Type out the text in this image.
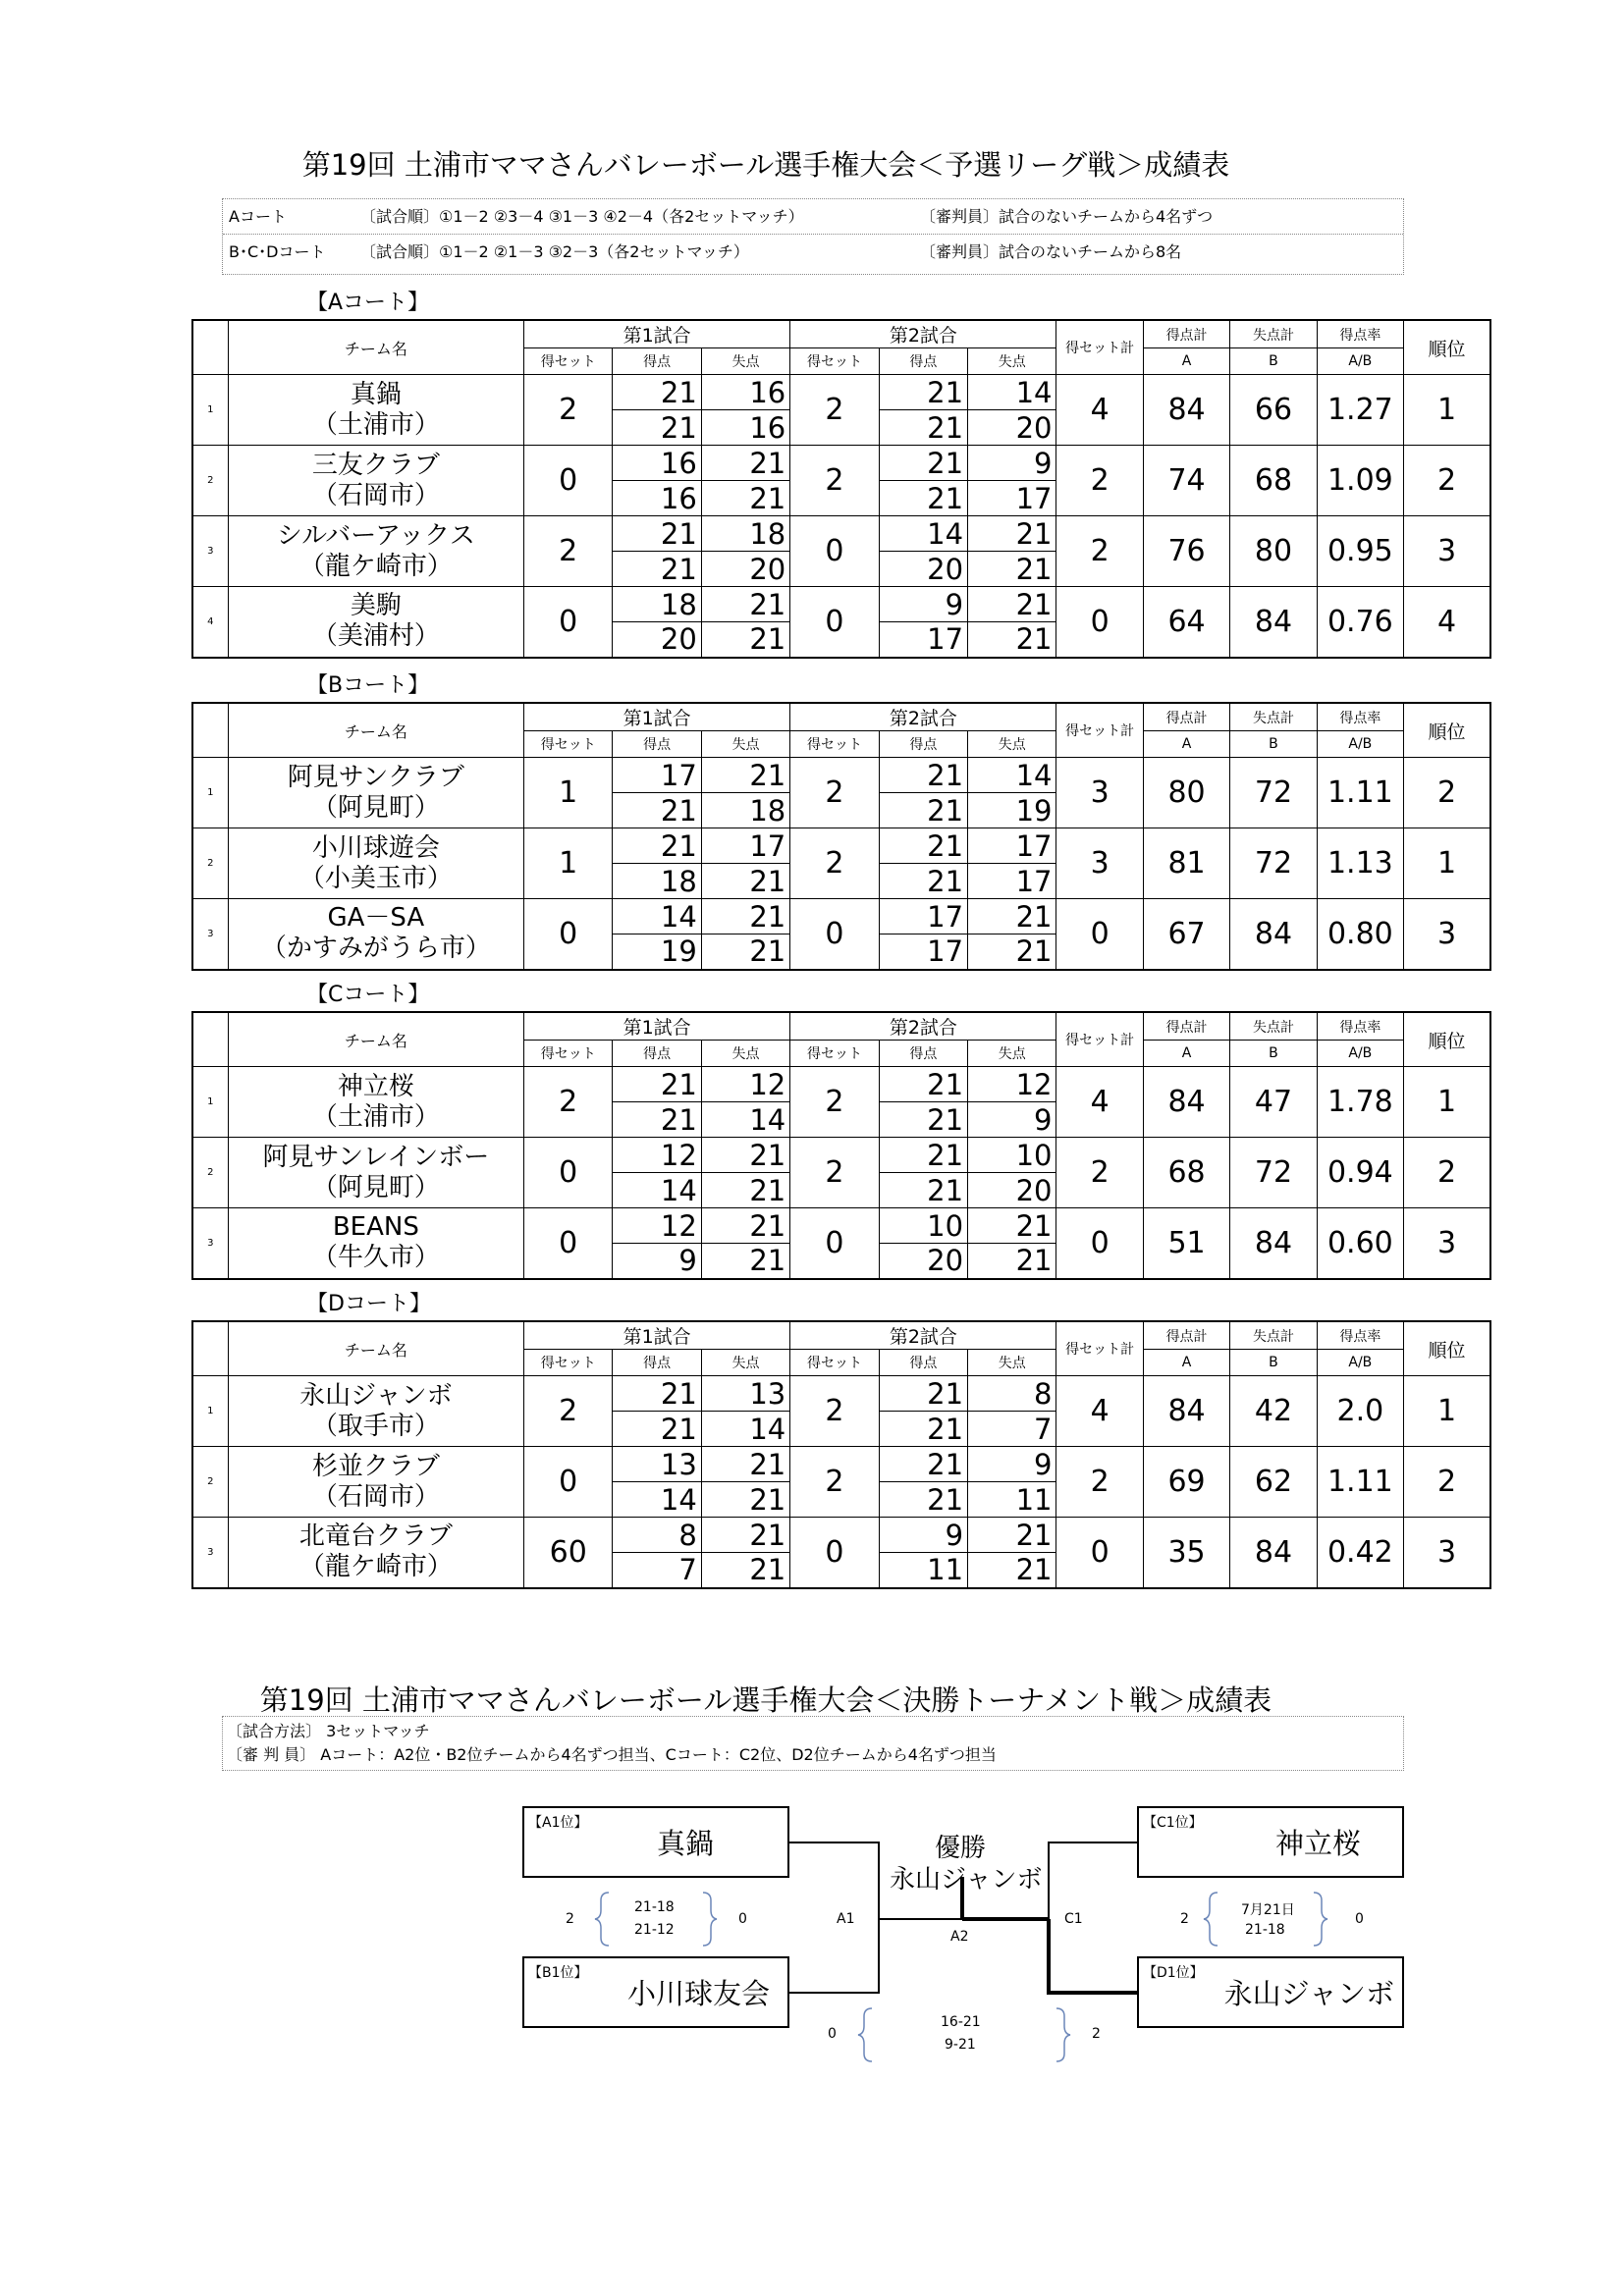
第19回 土浦市ママさんバレーボール選手権大会＜予選リーグ戦＞成績表
Aコート	〔試合順〕①1－2 ②3－4 ③1－3 ④2－4（各2セットマッチ）	〔審判員〕試合のないチームから4名ずつ
B･C･Dコート 〔試合順〕①1－2 ②1－3 ③2－3（各2セットマッチ）	〔審判員〕試合のないチームから8名
【Aコート】
	チーム名	第1試合			第2試合			得セット計	得点計	失点計	得点率	順位
		得セット	得点	失点	得セット	得点	失点		A	B	A/B	
1	真鍋
（土浦市）	2	21	16	2	21	14	4	84	66	1.27	1
			21	16		21	20					
2	三友クラブ
（石岡市）	0	16	21	2	21	9	2	74	68	1.09	2
			16	21		21	17					
3	シルバーアックス
（龍ケ崎市）	2	21	18	0	14	21	2	76	80	0.95	3
			21	20		20	21					
4	美駒
（美浦村）	0	18	21	0	9	21	0	64	84	0.76	4
			20	21		17	21					
【Bコート】
	チーム名	第1試合			第2試合			得セット計	得点計	失点計	得点率	順位
		得セット	得点	失点	得セット	得点	失点		A	B	A/B	
1	阿見サンクラブ
（阿見町）	1	17	21	2	21	14	3	80	72	1.11	2
			21	18		21	19					
2	小川球遊会
（小美玉市）	1	21	17	2	21	17	3	81	72	1.13	1
			18	21		21	17					
3	GA－SA
（かすみがうら市）	0	14	21	0	17	21	0	67	84	0.80	3
			19	21		17	21					
【Cコート】
	チーム名	第1試合			第2試合			得セット計	得点計	失点計	得点率	順位
		得セット	得点	失点	得セット	得点	失点		A	B	A/B	
1	神立桜
（土浦市）	2	21	12	2	21	12	4	84	47	1.78	1
			21	14		21	9					
2	阿見サンレインボー
（阿見町）	0	12	21	2	21	10	2	68	72	0.94	2
			14	21		21	20					
3	BEANS
（牛久市）	0	12	21	0	10	21	0	51	84	0.60	3
			9	21		20	21					
【Dコート】
	チーム名	第1試合			第2試合			得セット計	得点計	失点計	得点率	順位
		得セット	得点	失点	得セット	得点	失点		A	B	A/B	
1	永山ジャンボ
（取手市）	2	21	13	2	21	8	4	84	42	2.0	1
			21	14		21	7					
2	杉並クラブ
（石岡市）	0	13	21	2	21	9	2	69	62	1.11	2
			14	21		21	11					
3	北竜台クラブ
（龍ケ崎市）	60	8	21	0	9	21	0	35	84	0.42	3
			7	21		11	21					
第19回 土浦市ママさんバレーボール選手権大会＜決勝トーナメント戦＞成績表
〔試合方法〕 3セットマッチ
〔審 判 員〕 Aコート：A2位・B2位チームから4名ずつ担当、Cコート：C2位、D2位チームから4名ずつ担当
【A1位】
真鍋
【B1位】
小川球友会
【C1位】
神立桜
【D1位】
永山ジャンボ
優勝
永山ジャンボ
2
21-18
21-12
0	A1
A2
C1	2
7月21日
21-18
0
0
16-21
9-21
2
